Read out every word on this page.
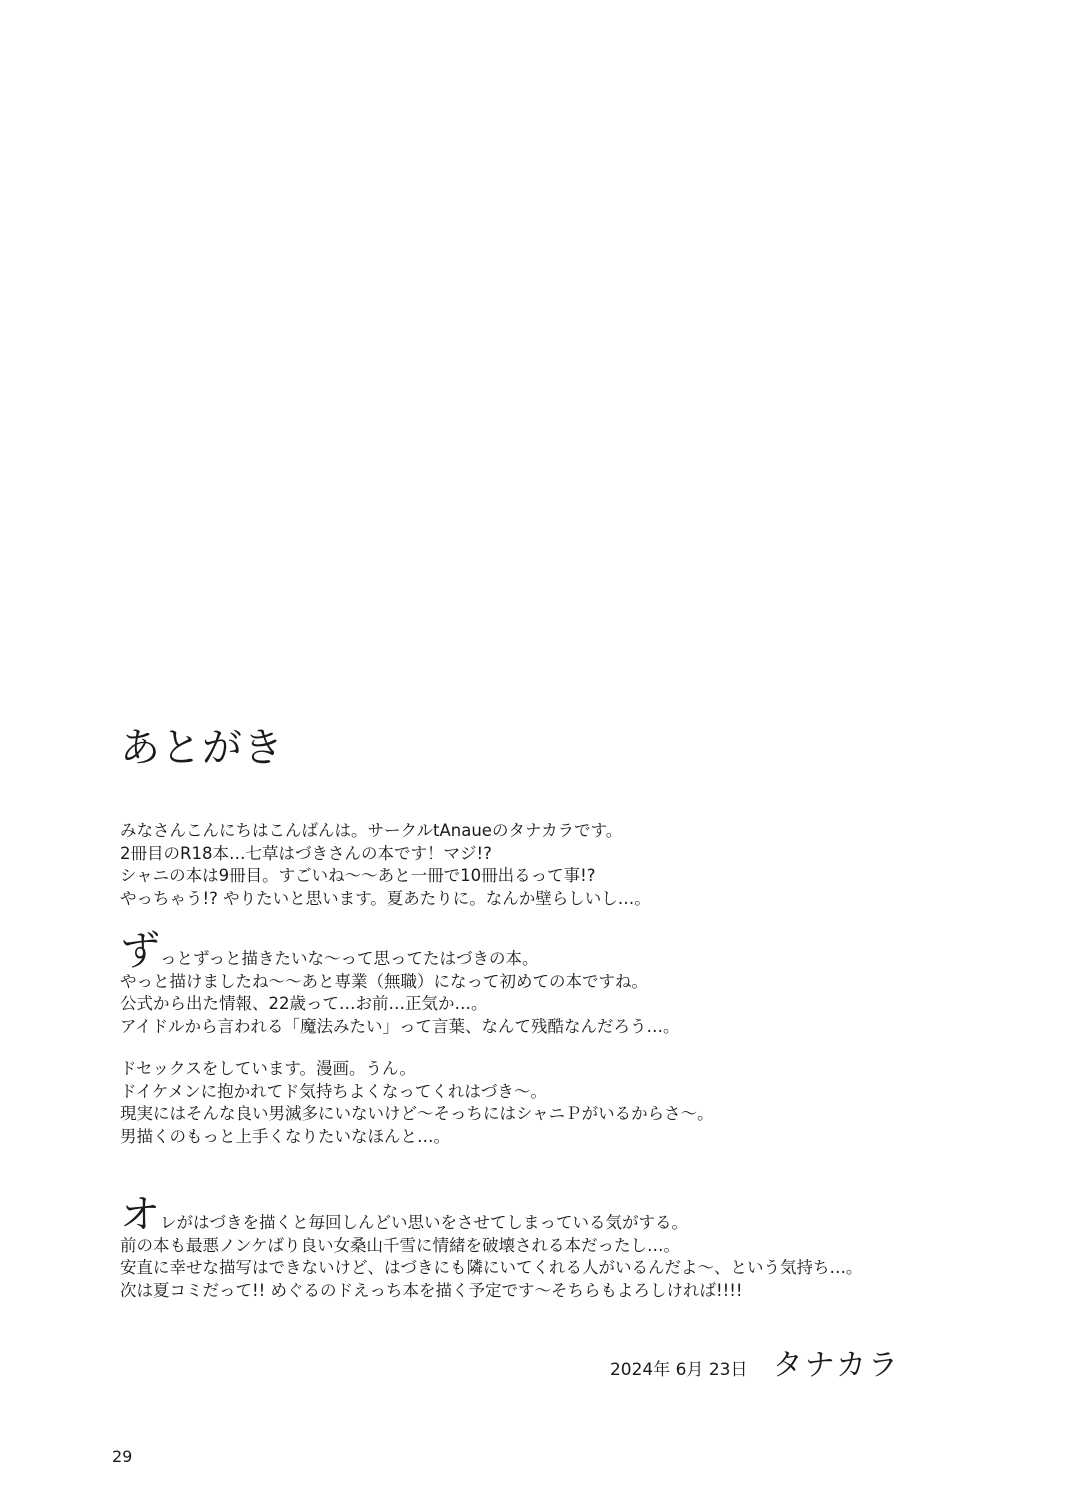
あとがき
みなさんこんにちはこんばんは。サークルtAnaueのタナカラです。
2冊目のR18本…七草はづきさんの本です！マジ!?
シャニの本は9冊目。すごいね〜〜あと一冊で10冊出るって事!?
やっちゃう!? やりたいと思います。夏あたりに。なんか壁らしいし…。
ずっとずっと描きたいな〜って思ってたはづきの本。
やっと描けましたね〜〜あと専業（無職）になって初めての本ですね。
公式から出た情報、22歳って…お前…正気か…。
アイドルから言われる「魔法みたい」って言葉、なんて残酷なんだろう…。
ドセックスをしています。漫画。うん。
ドイケメンに抱かれてド気持ちよくなってくれはづき〜。
現実にはそんな良い男滅多にいないけど〜そっちにはシャニＰがいるからさ〜。
男描くのもっと上手くなりたいなほんと…。
オレがはづきを描くと毎回しんどい思いをさせてしまっている気がする。
前の本も最悪ノンケばり良い女桑山千雪に情緒を破壊される本だったし…。
安直に幸せな描写はできないけど、はづきにも隣にいてくれる人がいるんだよ〜、という気持ち…。
次は夏コミだって!! めぐるのドえっち本を描く予定です〜そちらもよろしければ!!!!
2024年 6月 23日 タナカラ
29
